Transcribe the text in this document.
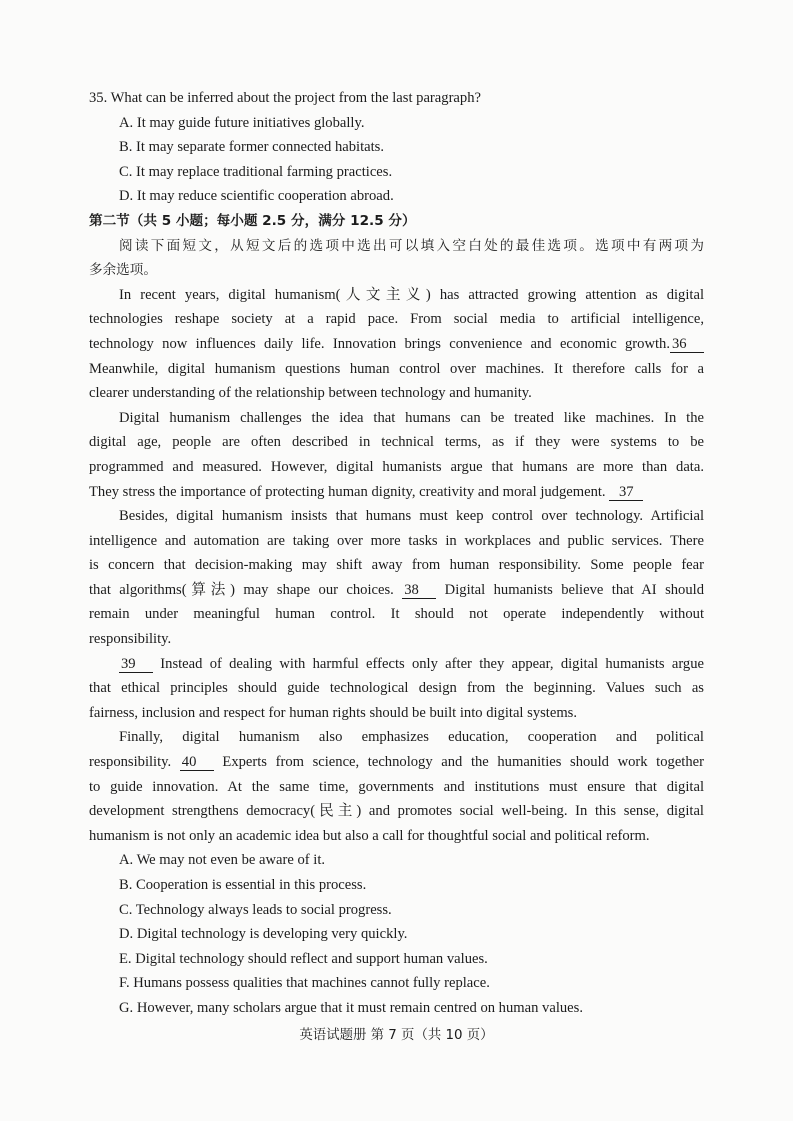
35. What can be inferred about the project from the last paragraph?
A. It may guide future initiatives globally.
B. It may separate former connected habitats.
C. It may replace traditional farming practices.
D. It may reduce scientific cooperation abroad.
第二节（共 5 小题；每小题 2.5 分，满分 12.5 分）
阅读下面短文，从短文后的选项中选出可以填入空白处的最佳选项。选项中有两项为
多余选项。
In recent years, digital humanism(人文主义) has attracted growing attention as digital
technologies reshape society at a rapid pace. From social media to artificial intelligence,
technology now influences daily life. Innovation brings convenience and economic growth. 36
Meanwhile, digital humanism questions human control over machines. It therefore calls for a
clearer understanding of the relationship between technology and humanity.
Digital humanism challenges the idea that humans can be treated like machines. In the
digital age, people are often described in technical terms, as if they were systems to be
programmed and measured. However, digital humanists argue that humans are more than data.
They stress the importance of protecting human dignity, creativity and moral judgement. 37
Besides, digital humanism insists that humans must keep control over technology. Artificial
intelligence and automation are taking over more tasks in workplaces and public services. There
is concern that decision-making may shift away from human responsibility. Some people fear
that algorithms(算法) may shape our choices. 38 Digital humanists believe that AI should
remain under meaningful human control. It should not operate independently without
responsibility.
39 Instead of dealing with harmful effects only after they appear, digital humanists argue
that ethical principles should guide technological design from the beginning. Values such as
fairness, inclusion and respect for human rights should be built into digital systems.
Finally, digital humanism also emphasizes education, cooperation and political
responsibility. 40 Experts from science, technology and the humanities should work together
to guide innovation. At the same time, governments and institutions must ensure that digital
development strengthens democracy(民主) and promotes social well-being. In this sense, digital
humanism is not only an academic idea but also a call for thoughtful social and political reform.
A. We may not even be aware of it.
B. Cooperation is essential in this process.
C. Technology always leads to social progress.
D. Digital technology is developing very quickly.
E. Digital technology should reflect and support human values.
F. Humans possess qualities that machines cannot fully replace.
G. However, many scholars argue that it must remain centred on human values.
英语试题册 第 7 页（共 10 页）
